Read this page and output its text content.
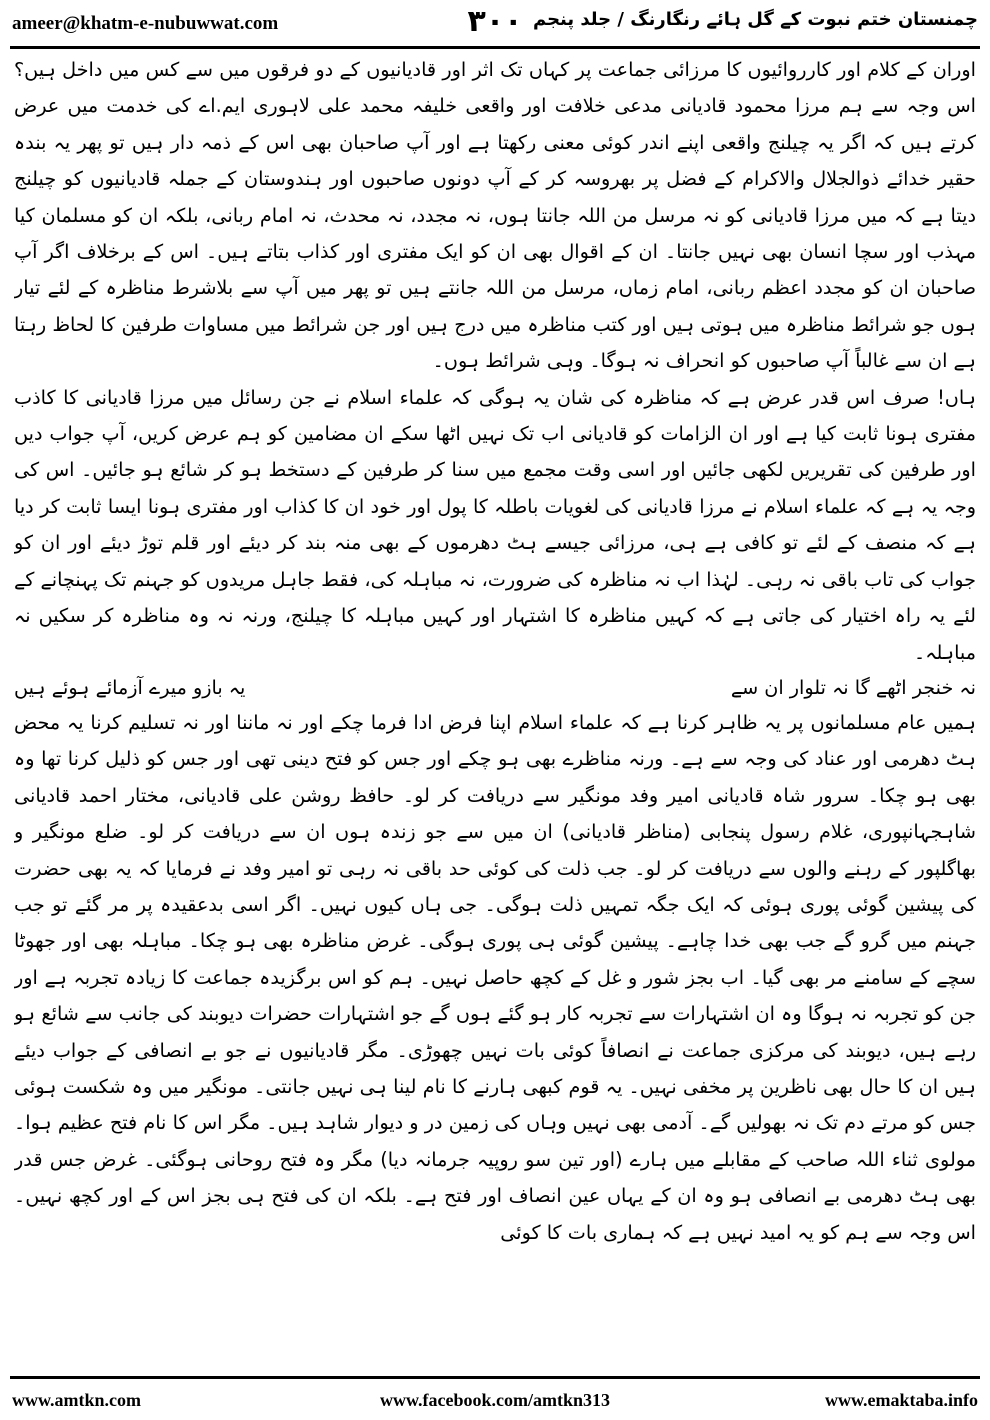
ameer@khatm-e-nubuwwat.com	۳۰۰ چمنستان ختم نبوت کے گل ہائے رنگارنگ / جلد پنجم

اوران کے کلام اور کارروائیوں کا مرزائی جماعت پر کہاں تک اثر اور قادیانیوں کے دو فرقوں میں سے کس میں داخل ہیں؟ اس وجہ سے ہم مرزا محمود قادیانی مدعی خلافت اور واقعی خلیفہ محمد علی لاہوری ایم.اے کی خدمت میں عرض کرتے ہیں کہ اگر یہ چیلنج واقعی اپنے اندر کوئی معنی رکھتا ہے اور آپ صاحبان بھی اس کے ذمہ دار ہیں تو پھر یہ بندہ حقیر خدائے ذوالجلال والاکرام کے فضل پر بھروسہ کر کے آپ دونوں صاحبوں اور ہندوستان کے جملہ قادیانیوں کو چیلنج دیتا ہے کہ میں مرزا قادیانی کو نہ مرسل من اللہ جانتا ہوں، نہ مجدد، نہ محدث، نہ امام ربانی، بلکہ ان کو مسلمان کیا مہذب اور سچا انسان بھی نہیں جانتا۔ ان کے اقوال بھی ان کو ایک مفتری اور کذاب بتاتے ہیں۔ اس کے برخلاف اگر آپ صاحبان ان کو مجدد اعظم ربانی، امام زماں، مرسل من اللہ جانتے ہیں تو پھر میں آپ سے بلاشرط مناظرہ کے لئے تیار ہوں جو شرائط مناظرہ میں ہوتی ہیں اور کتب مناظرہ میں درج ہیں اور جن شرائط میں مساوات طرفین کا لحاظ رہتا ہے ان سے غالباً آپ صاحبوں کو انحراف نہ ہوگا۔ وہی شرائط ہوں۔

ہاں! صرف اس قدر عرض ہے کہ مناظرہ کی شان یہ ہوگی کہ علماء اسلام نے جن رسائل میں مرزا قادیانی کا کاذب مفتری ہونا ثابت کیا ہے اور ان الزامات کو قادیانی اب تک نہیں اٹھا سکے ان مضامین کو ہم عرض کریں، آپ جواب دیں اور طرفین کی تقریریں لکھی جائیں اور اسی وقت مجمع میں سنا کر طرفین کے دستخط ہو کر شائع ہو جائیں۔ اس کی وجہ یہ ہے کہ علماء اسلام نے مرزا قادیانی کی لغویات باطلہ کا پول اور خود ان کا کذاب اور مفتری ہونا ایسا ثابت کر دیا ہے کہ منصف کے لئے تو کافی ہے ہی، مرزائی جیسے ہٹ دھرموں کے بھی منہ بند کر دیئے اور قلم توڑ دیئے اور ان کو جواب کی تاب باقی نہ رہی۔ لہٰذا اب نہ مناظرہ کی ضرورت، نہ مباہلہ کی، فقط جاہل مریدوں کو جہنم تک پہنچانے کے لئے یہ راہ اختیار کی جاتی ہے کہ کہیں مناظرہ کا اشتہار اور کہیں مباہلہ کا چیلنج، ورنہ نہ وہ مناظرہ کر سکیں نہ مباہلہ۔

نہ خنجر اٹھے گا نہ تلوار ان سے
یہ بازو میرے آزمائے ہوئے ہیں

ہمیں عام مسلمانوں پر یہ ظاہر کرنا ہے کہ علماء اسلام اپنا فرض ادا فرما چکے اور نہ ماننا اور نہ تسلیم کرنا یہ محض ہٹ دھرمی اور عناد کی وجہ سے ہے۔ ورنہ مناظرے بھی ہو چکے اور جس کو فتح دینی تھی اور جس کو ذلیل کرنا تھا وہ بھی ہو چکا۔ سرور شاہ قادیانی امیر وفد مونگیر سے دریافت کر لو۔ حافظ روشن علی قادیانی، مختار احمد قادیانی شاہجہانپوری، غلام رسول پنجابی (مناظر قادیانی) ان میں سے جو زندہ ہوں ان سے دریافت کر لو۔ ضلع مونگیر و بھاگلپور کے رہنے والوں سے دریافت کر لو۔ جب ذلت کی کوئی حد باقی نہ رہی تو امیر وفد نے فرمایا کہ یہ بھی حضرت کی پیشین گوئی پوری ہوئی کہ ایک جگہ تمہیں ذلت ہوگی۔ جی ہاں کیوں نہیں۔ اگر اسی بدعقیدہ پر مر گئے تو جب جہنم میں گرو گے جب بھی خدا چاہے۔ پیشین گوئی ہی پوری ہوگی۔ غرض مناظرہ بھی ہو چکا۔ مباہلہ بھی اور جھوٹا سچے کے سامنے مر بھی گیا۔ اب بجز شور و غل کے کچھ حاصل نہیں۔ ہم کو اس برگزیدہ جماعت کا زیادہ تجربہ ہے اور جن کو تجربہ نہ ہوگا وہ ان اشتہارات سے تجربہ کار ہو گئے ہوں گے جو اشتہارات حضرات دیوبند کی جانب سے شائع ہو رہے ہیں، دیوبند کی مرکزی جماعت نے انصافاً کوئی بات نہیں چھوڑی۔ مگر قادیانیوں نے جو بے انصافی کے جواب دیئے ہیں ان کا حال بھی ناظرین پر مخفی نہیں۔ یہ قوم کبھی ہارنے کا نام لینا ہی نہیں جانتی۔ مونگیر میں وہ شکست ہوئی جس کو مرتے دم تک نہ بھولیں گے۔ آدمی بھی نہیں وہاں کی زمین در و دیوار شاہد ہیں۔ مگر اس کا نام فتح عظیم ہوا۔ مولوی ثناء اللہ صاحب کے مقابلے میں ہارے (اور تین سو روپیہ جرمانہ دیا) مگر وہ فتح روحانی ہوگئی۔ غرض جس قدر بھی ہٹ دھرمی بے انصافی ہو وہ ان کے یہاں عین انصاف اور فتح ہے۔ بلکہ ان کی فتح ہی بجز اس کے اور کچھ نہیں۔ اس وجہ سے ہم کو یہ امید نہیں ہے کہ ہماری بات کا کوئی

www.amtkn.com	www.facebook.com/amtkn313	www.emaktaba.info
